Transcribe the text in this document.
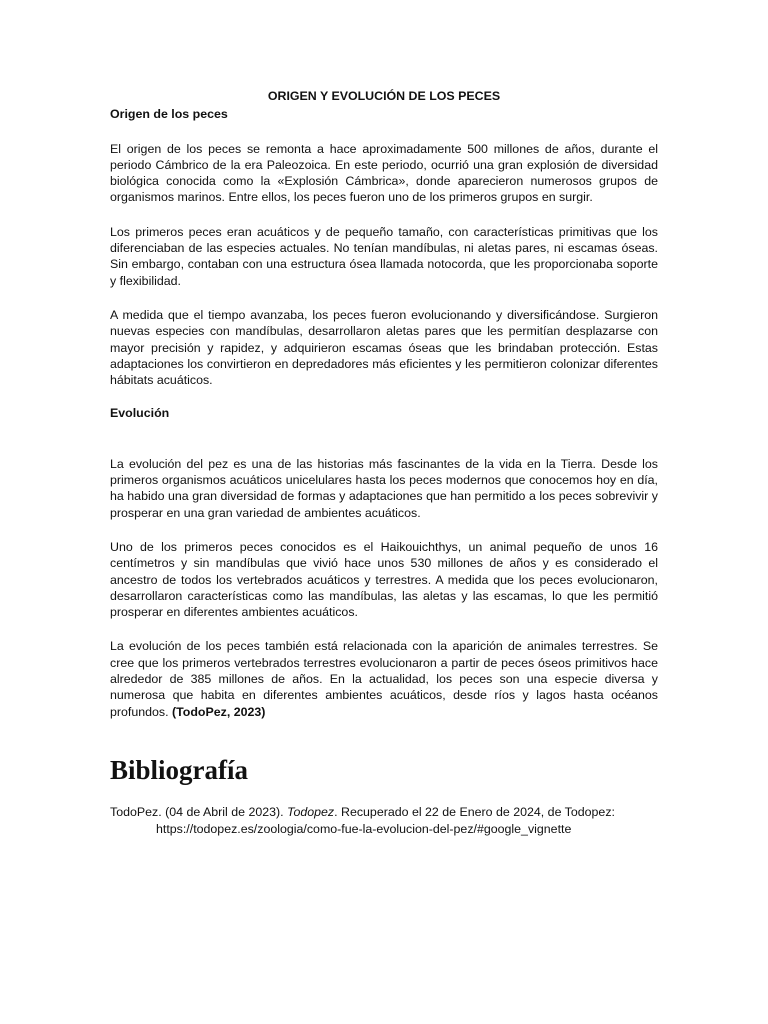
ORIGEN Y EVOLUCIÓN DE LOS PECES

Origen de los peces

El origen de los peces se remonta a hace aproximadamente 500 millones de años, durante el periodo Cámbrico de la era Paleozoica. En este periodo, ocurrió una gran explosión de diversidad biológica conocida como la «Explosión Cámbrica», donde aparecieron numerosos grupos de organismos marinos. Entre ellos, los peces fueron uno de los primeros grupos en surgir.

Los primeros peces eran acuáticos y de pequeño tamaño, con características primitivas que los diferenciaban de las especies actuales. No tenían mandíbulas, ni aletas pares, ni escamas óseas. Sin embargo, contaban con una estructura ósea llamada notocorda, que les proporcionaba soporte y flexibilidad.

A medida que el tiempo avanzaba, los peces fueron evolucionando y diversificándose. Surgieron nuevas especies con mandíbulas, desarrollaron aletas pares que les permitían desplazarse con mayor precisión y rapidez, y adquirieron escamas óseas que les brindaban protección. Estas adaptaciones los convirtieron en depredadores más eficientes y les permitieron colonizar diferentes hábitats acuáticos.

Evolución

La evolución del pez es una de las historias más fascinantes de la vida en la Tierra. Desde los primeros organismos acuáticos unicelulares hasta los peces modernos que conocemos hoy en día, ha habido una gran diversidad de formas y adaptaciones que han permitido a los peces sobrevivir y prosperar en una gran variedad de ambientes acuáticos.

Uno de los primeros peces conocidos es el Haikouichthys, un animal pequeño de unos 16 centímetros y sin mandíbulas que vivió hace unos 530 millones de años y es considerado el ancestro de todos los vertebrados acuáticos y terrestres. A medida que los peces evolucionaron, desarrollaron características como las mandíbulas, las aletas y las escamas, lo que les permitió prosperar en diferentes ambientes acuáticos.

La evolución de los peces también está relacionada con la aparición de animales terrestres. Se cree que los primeros vertebrados terrestres evolucionaron a partir de peces óseos primitivos hace alrededor de 385 millones de años. En la actualidad, los peces son una especie diversa y numerosa que habita en diferentes ambientes acuáticos, desde ríos y lagos hasta océanos profundos. (TodoPez, 2023)

Bibliografía
TodoPez. (04 de Abril de 2023). Todopez. Recuperado el 22 de Enero de 2024, de Todopez:
https://todopez.es/zoologia/como-fue-la-evolucion-del-pez/#google_vignette
